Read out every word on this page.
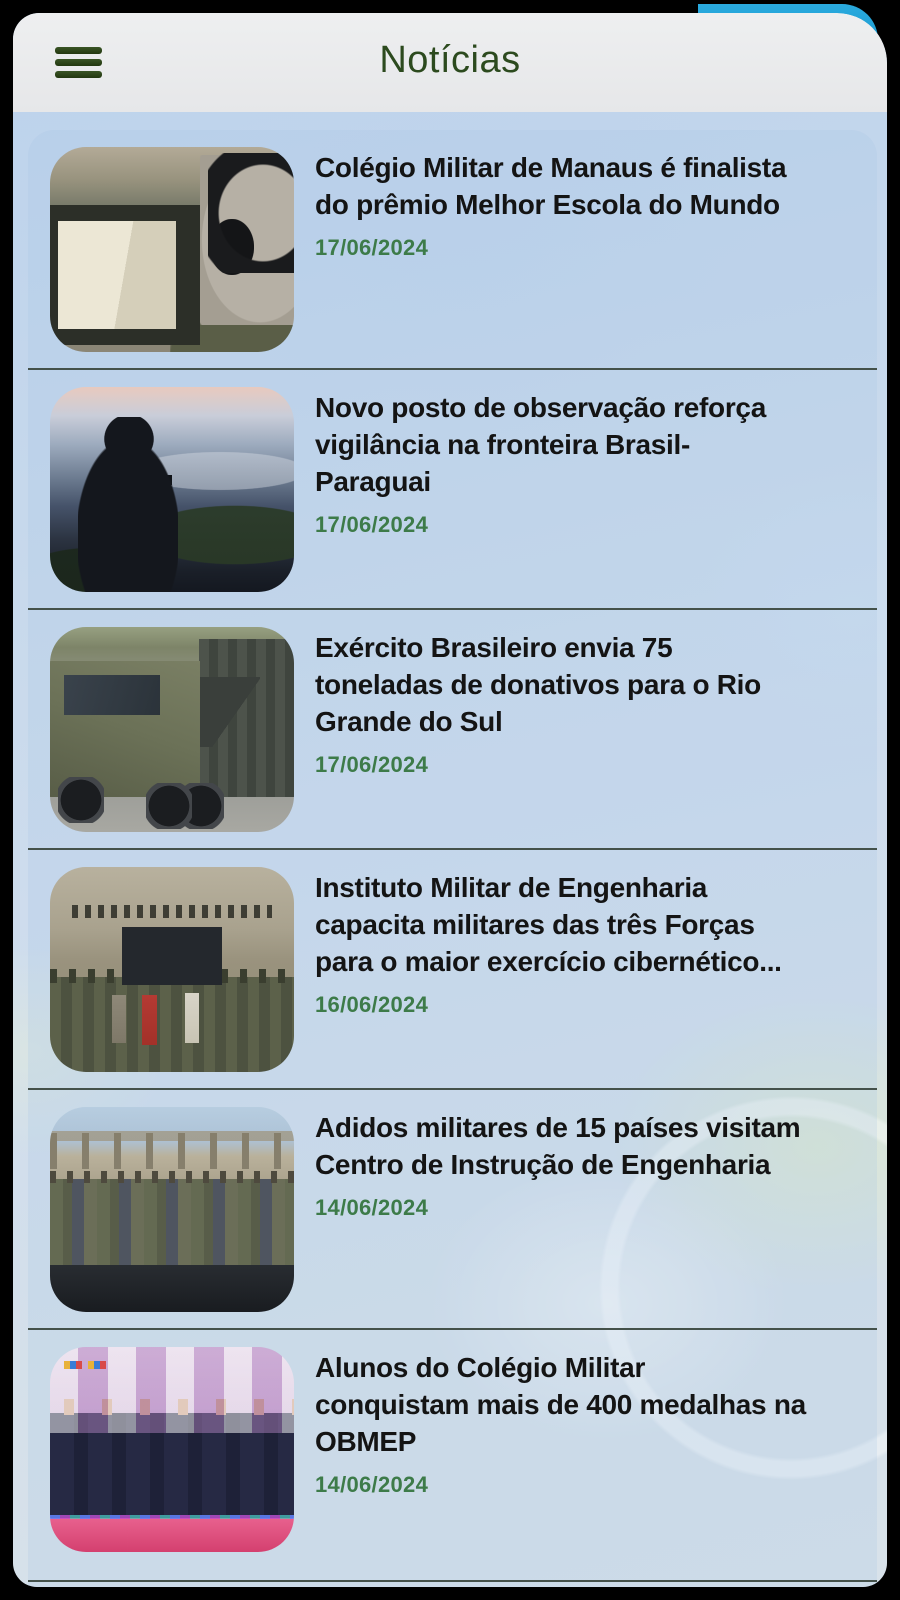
Notícias
Colégio Militar de Manaus é finalista
do prêmio Melhor Escola do Mundo
17/06/2024
Novo posto de observação reforça
vigilância na fronteira Brasil-
Paraguai
17/06/2024
Exército Brasileiro envia 75
toneladas de donativos para o Rio
Grande do Sul
17/06/2024
Instituto Militar de Engenharia
capacita militares das três Forças
para o maior exercício cibernético...
16/06/2024
Adidos militares de 15 países visitam
Centro de Instrução de Engenharia
14/06/2024
Alunos do Colégio Militar
conquistam mais de 400 medalhas na
OBMEP
14/06/2024
